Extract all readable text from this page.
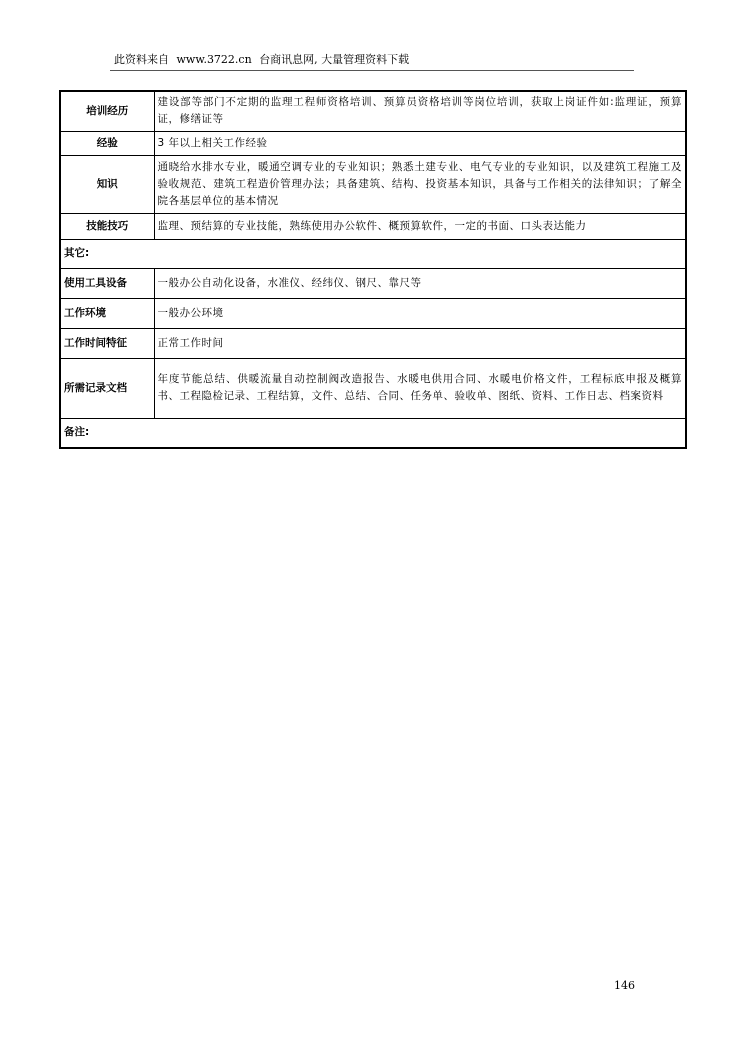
此资料来自 www.3722.cn 台商讯息网, 大量管理资料下载
培训经历	建设部等部门不定期的监理工程师资格培训、预算员资格培训等岗位培训，获取上岗证件如:监理证，预算证，修缮证等
经验	3 年以上相关工作经验
知识	通晓给水排水专业，暖通空调专业的专业知识；熟悉土建专业、电气专业的专业知识，以及建筑工程施工及验收规范、建筑工程造价管理办法；具备建筑、结构、投资基本知识，具备与工作相关的法律知识；了解全院各基层单位的基本情况
技能技巧	监理、预结算的专业技能，熟练使用办公软件、概预算软件，一定的书面、口头表达能力
其它:	
使用工具设备	一般办公自动化设备，水准仪、经纬仪、钢尺、靠尺等
工作环境	一般办公环境
工作时间特征	正常工作时间
所需记录文档	年度节能总结、供暖流量自动控制阀改造报告、水暖电供用合同、水暖电价格文件，工程标底申报及概算书、工程隐检记录、工程结算，文件、总结、合同、任务单、验收单、图纸、资料、工作日志、档案资料
备注:	
146
